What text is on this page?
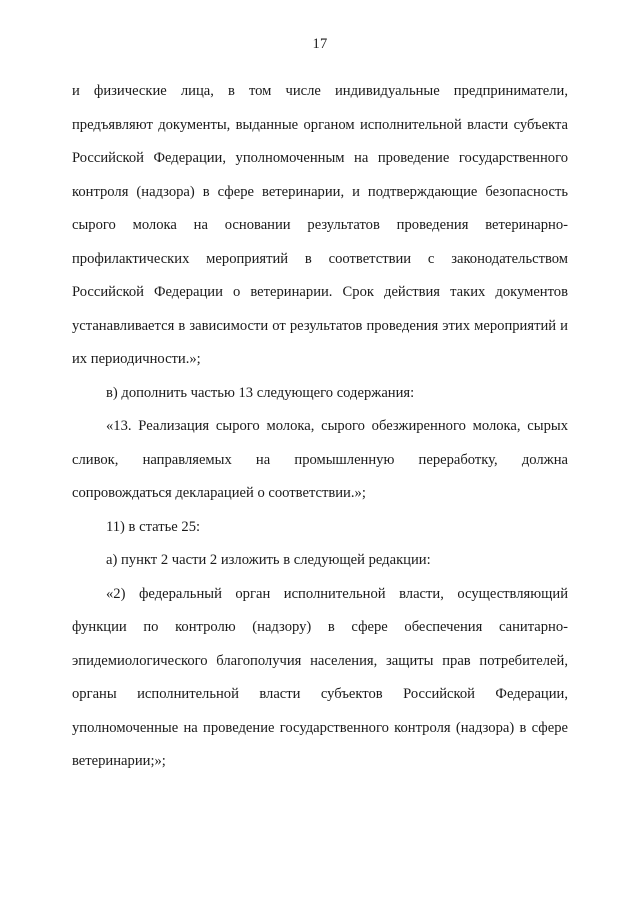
17

и физические лица, в том числе индивидуальные предприниматели, предъявляют документы, выданные органом исполнительной власти субъекта Российской Федерации, уполномоченным на проведение государственного контроля (надзора) в сфере ветеринарии, и подтверждающие безопасность сырого молока на основании результатов проведения ветеринарно-профилактических мероприятий в соответствии с законодательством Российской Федерации о ветеринарии. Срок действия таких документов устанавливается в зависимости от результатов проведения этих мероприятий и их периодичности.»;

в) дополнить частью 13 следующего содержания:

«13. Реализация сырого молока, сырого обезжиренного молока, сырых сливок, направляемых на промышленную переработку, должна сопровождаться декларацией о соответствии.»;

11) в статье 25:

а) пункт 2 части 2 изложить в следующей редакции:

«2) федеральный орган исполнительной власти, осуществляющий функции по контролю (надзору) в сфере обеспечения санитарно-эпидемиологического благополучия населения, защиты прав потребителей, органы исполнительной власти субъектов Российской Федерации, уполномоченные на проведение государственного контроля (надзора) в сфере ветеринарии;»;
